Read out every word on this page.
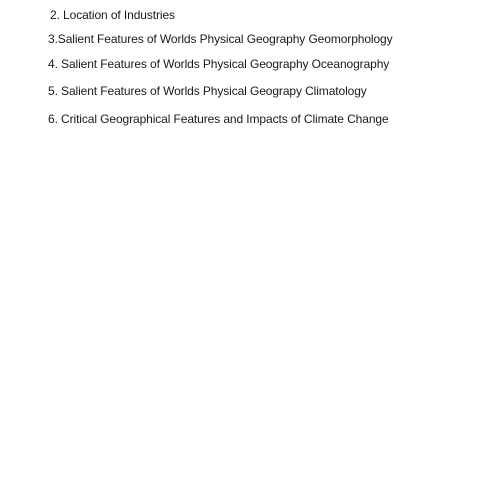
2. Location of Industries
3.Salient Features of Worlds Physical Geography Geomorphology
4. Salient Features of Worlds Physical Geography Oceanography
5. Salient Features of Worlds Physical Geograpy Climatology
6. Critical Geographical Features and Impacts of Climate Change
